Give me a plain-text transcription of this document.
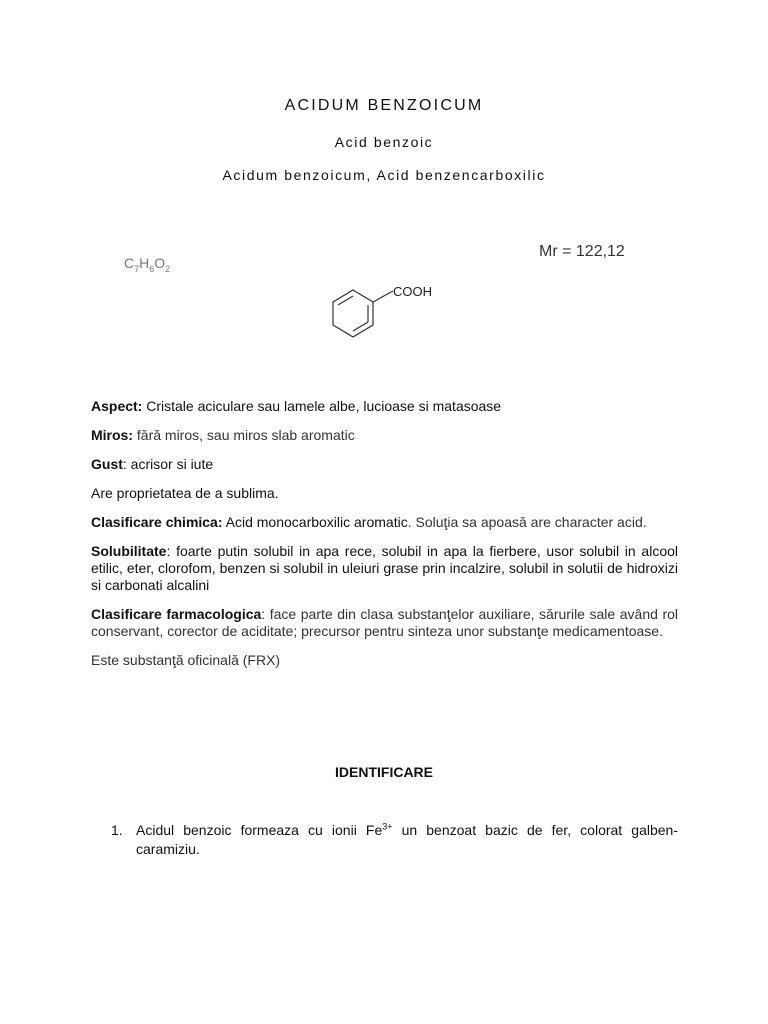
ACIDUM BENZOICUM

Acid benzoic

Acidum benzoicum, Acid benzencarboxilic

$C_7H_6O_2$
Mr = 122,12
COOH

Aspect: Cristale aciculare sau lamele albe, lucioase si matasoase

Miros: fără miros, sau miros slab aromatic

Gust: acrisor si iute

Are proprietatea de a sublima.

Clasificare chimica: Acid monocarboxilic aromatic. Soluţia sa apoasă are character acid.

Solubilitate: foarte putin solubil in apa rece, solubil in apa la fierbere, usor solubil in alcool etilic, eter, clorofom, benzen si solubil in uleiuri grase prin incalzire, solubil in solutii de hidroxizi si carbonati alcalini

Clasificare farmacologica: face parte din clasa substanţelor auxiliare, sărurile sale având rol conservant, corector de aciditate; precursor pentru sinteza unor substanţe medicamentoase.

Este substanţă oficinală (FRX)

IDENTIFICARE
1. Acidul benzoic formeaza cu ionii $Fe^{3+}$ un benzoat bazic de fer, colorat galben-caramiziu.
